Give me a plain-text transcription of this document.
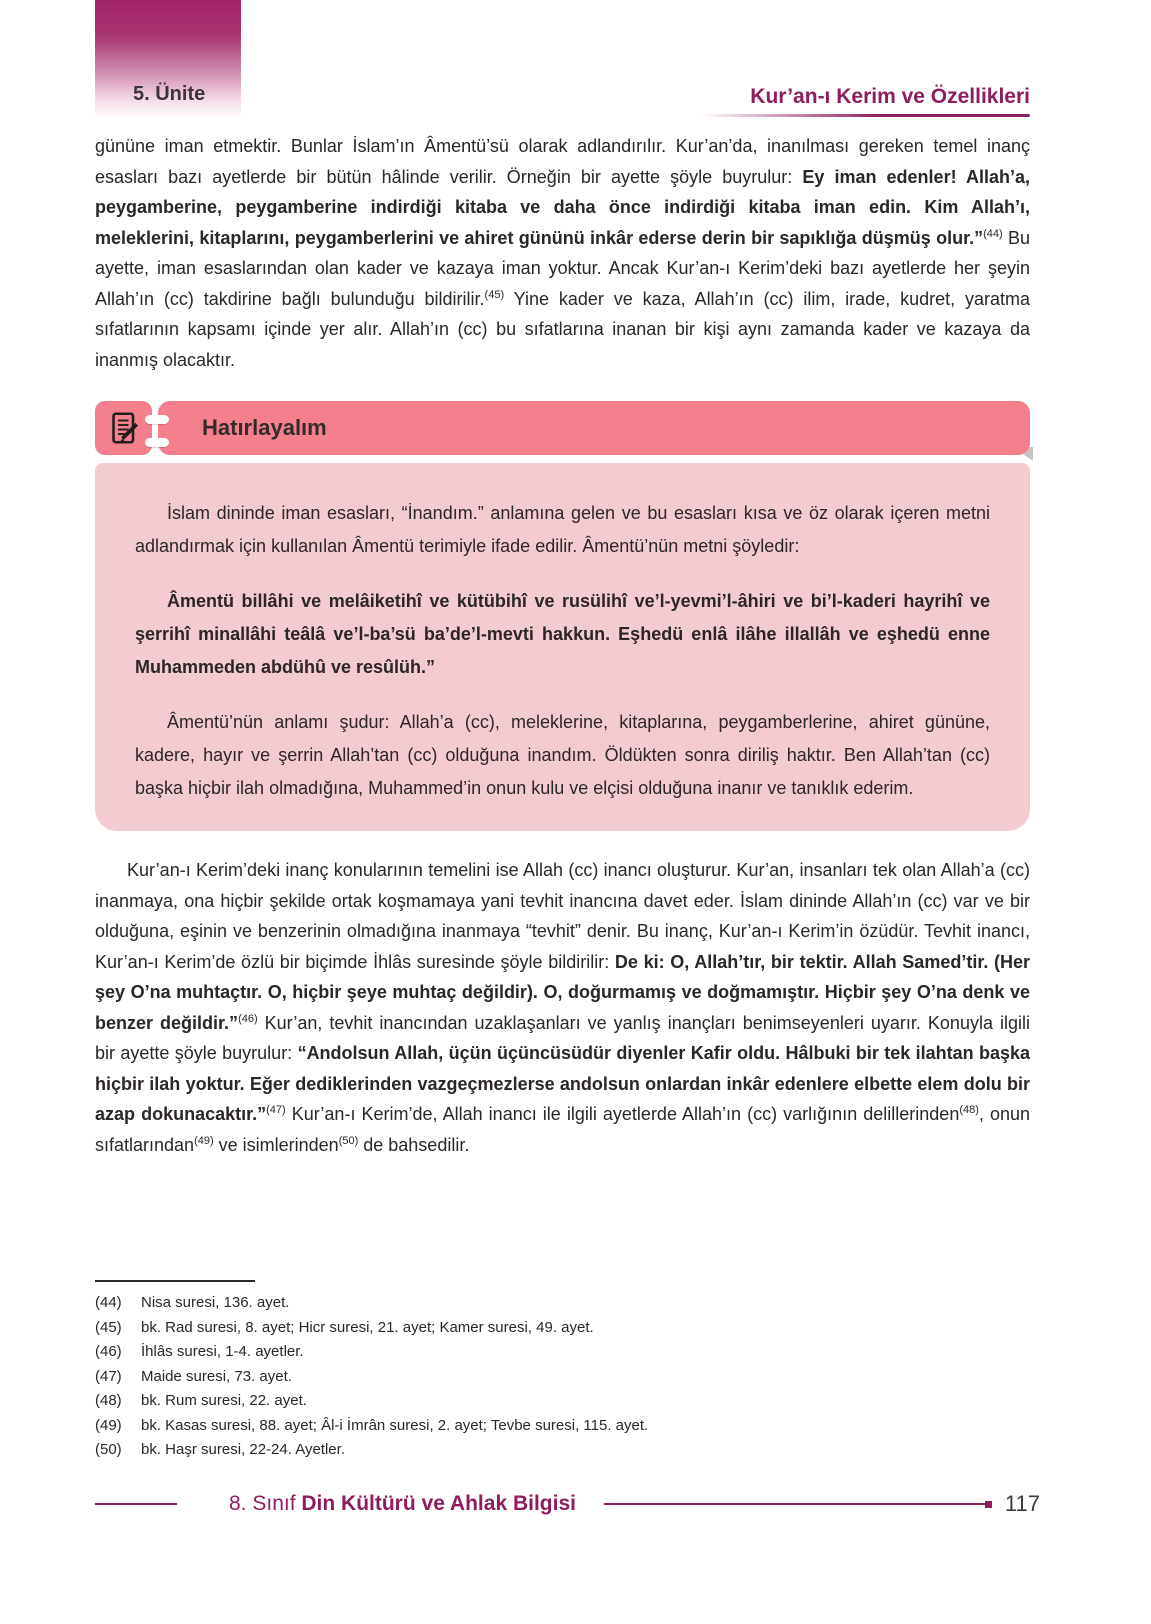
5. Ünite	Kur’an-ı Kerim ve Özellikleri

gününe iman etmektir. Bunlar İslam’ın Âmentü’sü olarak adlandırılır. Kur’an’da, inanılması gereken temel inanç esasları bazı ayetlerde bir bütün hâlinde verilir. Örneğin bir ayette şöyle buyrulur: Ey iman edenler! Allah’a, peygamberine, peygamberine indirdiği kitaba ve daha önce indirdiği kitaba iman edin. Kim Allah’ı, meleklerini, kitaplarını, peygamberlerini ve ahiret gününü inkâr ederse derin bir sapıklığa düşmüş olur.”$^{(44)}$ Bu ayette, iman esaslarından olan kader ve kazaya iman yoktur. Ancak Kur’an-ı Kerim’deki bazı ayetlerde her şeyin Allah’ın (cc) takdirine bağlı bulunduğu bildirilir.$^{(45)}$ Yine kader ve kaza, Allah’ın (cc) ilim, irade, kudret, yaratma sıfatlarının kapsamı içinde yer alır. Allah’ın (cc) bu sıfatlarına inanan bir kişi aynı zamanda kader ve kazaya da inanmış olacaktır.

Hatırlayalım

İslam dininde iman esasları, “İnandım.” anlamına gelen ve bu esasları kısa ve öz olarak içeren metni adlandırmak için kullanılan Âmentü terimiyle ifade edilir. Âmentü’nün metni şöyledir:

Âmentü billâhi ve melâiketihî ve kütübihî ve rusülihî ve’l-yevmi’l-âhiri ve bi’l-kaderi hayrihî ve şerrihî minallâhi teâlâ ve’l-ba’sü ba’de’l-mevti hakkun. Eşhedü enlâ ilâhe illallâh ve eşhedü enne Muhammeden abdühû ve resûlüh.”

Âmentü’nün anlamı şudur: Allah’a (cc), meleklerine, kitaplarına, peygamberlerine, ahiret gününe, kadere, hayır ve şerrin Allah’tan (cc) olduğuna inandım. Öldükten sonra diriliş haktır. Ben Allah’tan (cc) başka hiçbir ilah olmadığına, Muhammed’in onun kulu ve elçisi olduğuna inanır ve tanıklık ederim.

Kur’an-ı Kerim’deki inanç konularının temelini ise Allah (cc) inancı oluşturur. Kur’an, insanları tek olan Allah’a (cc) inanmaya, ona hiçbir şekilde ortak koşmamaya yani tevhit inancına davet eder. İslam dininde Allah’ın (cc) var ve bir olduğuna, eşinin ve benzerinin olmadığına inanmaya “tevhit” denir. Bu inanç, Kur’an-ı Kerim’in özüdür. Tevhit inancı, Kur’an-ı Kerim’de özlü bir biçimde İhlâs suresinde şöyle bildirilir: De ki: O, Allah’tır, bir tektir. Allah Samed’tir. (Her şey O’na muhtaçtır. O, hiçbir şeye muhtaç değildir). O, doğurmamış ve doğmamıştır. Hiçbir şey O’na denk ve benzer değildir.”$^{(46)}$ Kur’an, tevhit inancından uzaklaşanları ve yanlış inançları benimseyenleri uyarır. Konuyla ilgili bir ayette şöyle buyrulur: “Andolsun Allah, üçün üçüncüsüdür diyenler Kafir oldu. Hâlbuki bir tek ilahtan başka hiçbir ilah yoktur. Eğer dediklerinden vazgeçmezlerse andolsun onlardan inkâr edenlere elbette elem dolu bir azap dokunacaktır.”$^{(47)}$ Kur’an-ı Kerim’de, Allah inancı ile ilgili ayetlerde Allah’ın (cc) varlığının delillerinden$^{(48)}$, onun sıfatlarından$^{(49)}$ ve isimlerinden$^{(50)}$ de bahsedilir.

(44)	Nisa suresi, 136. ayet.
(45)	bk. Rad suresi, 8. ayet; Hicr suresi, 21. ayet; Kamer suresi, 49. ayet.
(46)	İhlâs suresi, 1-4. ayetler.
(47)	Maide suresi, 73. ayet.
(48)	bk. Rum suresi, 22. ayet.
(49)	bk. Kasas suresi, 88. ayet; Âl-i İmrân suresi, 2. ayet; Tevbe suresi, 115. ayet.
(50)	bk. Haşr suresi, 22-24. Ayetler.
8. Sınıf Din Kültürü ve Ahlak Bilgisi	117
